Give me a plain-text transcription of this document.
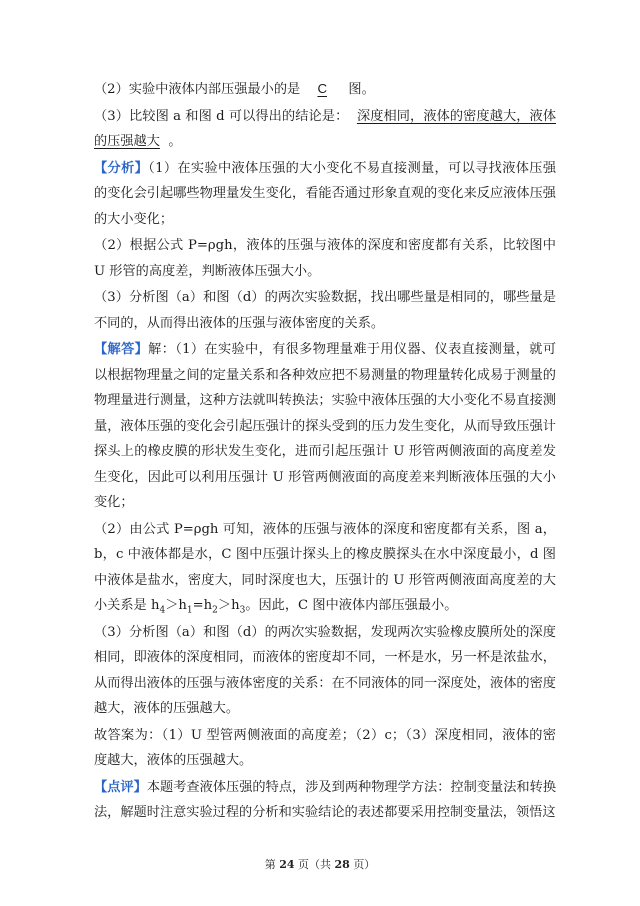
（2）实验中液体内部压强最小的是 C 图。

（3）比较图 a 和图 d 可以得出的结论是： 深度相同，液体的密度越大，液体的压强越大 。

【分析】（1）在实验中液体压强的大小变化不易直接测量，可以寻找液体压强的变化会引起哪些物理量发生变化，看能否通过形象直观的变化来反应液体压强的大小变化；

（2）根据公式 P=ρgh，液体的压强与液体的深度和密度都有关系，比较图中 U 形管的高度差，判断液体压强大小。

（3）分析图（a）和图（d）的两次实验数据，找出哪些量是相同的，哪些量是不同的，从而得出液体的压强与液体密度的关系。

【解答】解：（1）在实验中，有很多物理量难于用仪器、仪表直接测量，就可以根据物理量之间的定量关系和各种效应把不易测量的物理量转化成易于测量的物理量进行测量，这种方法就叫转换法；实验中液体压强的大小变化不易直接测量，液体压强的变化会引起压强计的探头受到的压力发生变化，从而导致压强计探头上的橡皮膜的形状发生变化，进而引起压强计 U 形管两侧液面的高度差发生变化，因此可以利用压强计 U 形管两侧液面的高度差来判断液体压强的大小变化；

（2）由公式 P=ρgh 可知，液体的压强与液体的深度和密度都有关系，图 a，b，c 中液体都是水，C 图中压强计探头上的橡皮膜探头在水中深度最小，d 图中液体是盐水，密度大，同时深度也大，压强计的 U 形管两侧液面高度差的大小关系是 $h_4>h_1=h_2>h_3$。因此，C 图中液体内部压强最小。

（3）分析图（a）和图（d）的两次实验数据，发现两次实验橡皮膜所处的深度相同，即液体的深度相同，而液体的密度却不同，一杯是水，另一杯是浓盐水，从而得出液体的压强与液体密度的关系：在不同液体的同一深度处，液体的密度越大，液体的压强越大。

故答案为：（1）U 型管两侧液面的高度差；（2）c；（3）深度相同，液体的密度越大，液体的压强越大。

【点评】本题考查液体压强的特点，涉及到两种物理学方法：控制变量法和转换法，解题时注意实验过程的分析和实验结论的表述都要采用控制变量法，领悟这

第 24 页（共 28 页）
